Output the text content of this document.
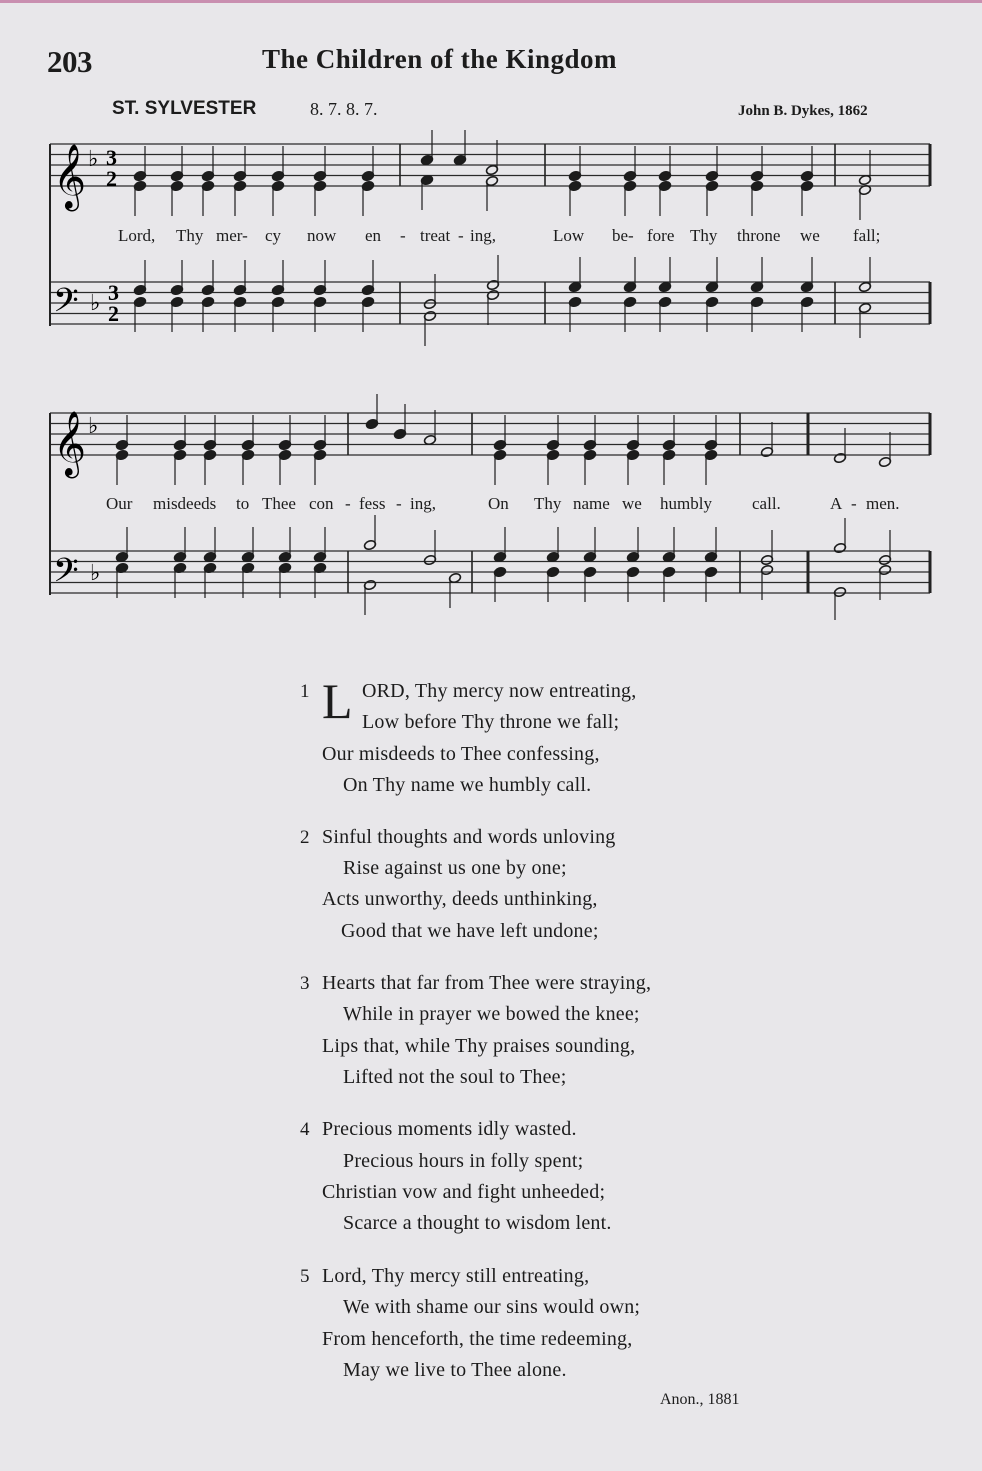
203	The Children of the Kingdom
ST. SYLVESTER	8. 7. 8. 7.	John B. Dykes, 1862
𝄞
𝄢
𝄞
𝄢
♭
♭
♭
♭
3
2
3
2
Lord, Thy mer- cy now en - treat - ing,	Low be- fore Thy throne we fall;
Our misdeeds to Thee con - fess - ing,	On Thy name we humbly call.	A - men.
1 L ORD, Thy mercy now entreating,
Low before Thy throne we fall;
Our misdeeds to Thee confessing,
On Thy name we humbly call.
2 Sinful thoughts and words unloving
Rise against us one by one;
Acts unworthy, deeds unthinking,
Good that we have left undone;
3 Hearts that far from Thee were straying,
While in prayer we bowed the knee;
Lips that, while Thy praises sounding,
Lifted not the soul to Thee;
4 Precious moments idly wasted.
Precious hours in folly spent;
Christian vow and fight unheeded;
Scarce a thought to wisdom lent.
5 Lord, Thy mercy still entreating,
We with shame our sins would own;
From henceforth, the time redeeming,
May we live to Thee alone.
Anon., 1881
